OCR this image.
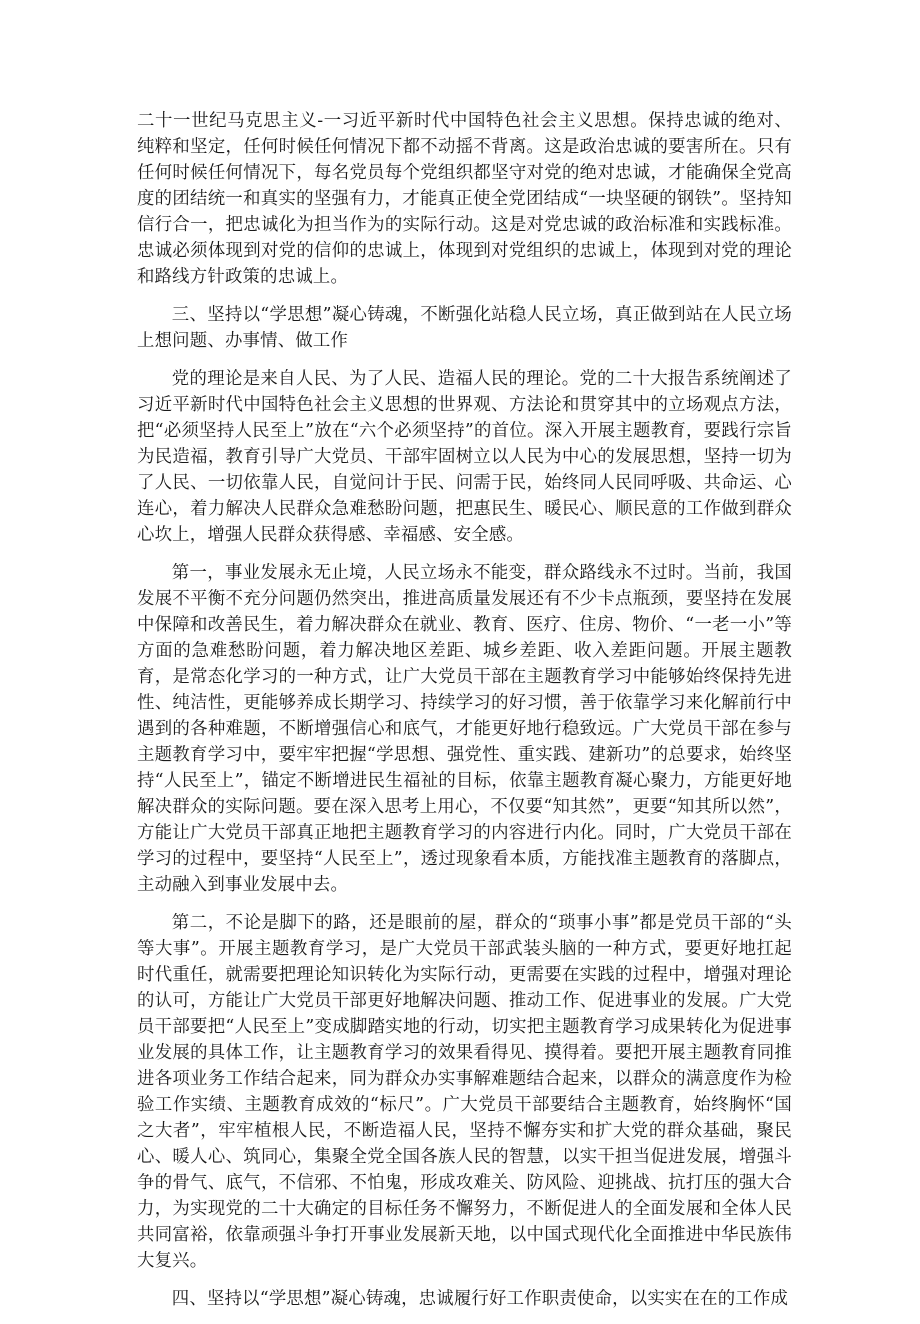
二十一世纪马克思主义-一习近平新时代中国特色社会主义思想。保持忠诚的绝对、纯粹和坚定，任何时候任何情况下都不动摇不背离。这是政治忠诚的要害所在。只有任何时候任何情况下，每名党员每个党组织都坚守对党的绝对忠诚，才能确保全党高度的团结统一和真实的坚强有力，才能真正使全党团结成“一块坚硬的钢铁”。坚持知信行合一，把忠诚化为担当作为的实际行动。这是对党忠诚的政治标准和实践标准。忠诚必须体现到对党的信仰的忠诚上，体现到对党组织的忠诚上，体现到对党的理论和路线方针政策的忠诚上。

三、坚持以“学思想”凝心铸魂，不断强化站稳人民立场，真正做到站在人民立场上想问题、办事情、做工作

党的理论是来自人民、为了人民、造福人民的理论。党的二十大报告系统阐述了习近平新时代中国特色社会主义思想的世界观、方法论和贯穿其中的立场观点方法，把“必须坚持人民至上”放在“六个必须坚持”的首位。深入开展主题教育，要践行宗旨为民造福，教育引导广大党员、干部牢固树立以人民为中心的发展思想，坚持一切为了人民、一切依靠人民，自觉问计于民、问需于民，始终同人民同呼吸、共命运、心连心，着力解决人民群众急难愁盼问题，把惠民生、暖民心、顺民意的工作做到群众心坎上，增强人民群众获得感、幸福感、安全感。

第一，事业发展永无止境，人民立场永不能变，群众路线永不过时。当前，我国发展不平衡不充分问题仍然突出，推进高质量发展还有不少卡点瓶颈，要坚持在发展中保障和改善民生，着力解决群众在就业、教育、医疗、住房、物价、“一老一小”等方面的急难愁盼问题，着力解决地区差距、城乡差距、收入差距问题。开展主题教育，是常态化学习的一种方式，让广大党员干部在主题教育学习中能够始终保持先进性、纯洁性，更能够养成长期学习、持续学习的好习惯，善于依靠学习来化解前行中遇到的各种难题，不断增强信心和底气，才能更好地行稳致远。广大党员干部在参与主题教育学习中，要牢牢把握“学思想、强党性、重实践、建新功”的总要求，始终坚持“人民至上”，锚定不断增进民生福祉的目标，依靠主题教育凝心聚力，方能更好地解决群众的实际问题。要在深入思考上用心，不仅要“知其然”，更要“知其所以然”，方能让广大党员干部真正地把主题教育学习的内容进行内化。同时，广大党员干部在学习的过程中，要坚持“人民至上”，透过现象看本质，方能找准主题教育的落脚点，主动融入到事业发展中去。

第二，不论是脚下的路，还是眼前的屋，群众的“琐事小事”都是党员干部的“头等大事”。开展主题教育学习，是广大党员干部武装头脑的一种方式，要更好地扛起时代重任，就需要把理论知识转化为实际行动，更需要在实践的过程中，增强对理论的认可，方能让广大党员干部更好地解决问题、推动工作、促进事业的发展。广大党员干部要把“人民至上”变成脚踏实地的行动，切实把主题教育学习成果转化为促进事业发展的具体工作，让主题教育学习的效果看得见、摸得着。要把开展主题教育同推进各项业务工作结合起来，同为群众办实事解难题结合起来，以群众的满意度作为检验工作实绩、主题教育成效的“标尺”。广大党员干部要结合主题教育，始终胸怀“国之大者”，牢牢植根人民，不断造福人民，坚持不懈夯实和扩大党的群众基础，聚民心、暖人心、筑同心，集聚全党全国各族人民的智慧，以实干担当促进发展，增强斗争的骨气、底气，不信邪、不怕鬼，形成攻难关、防风险、迎挑战、抗打压的强大合力，为实现党的二十大确定的目标任务不懈努力，不断促进人的全面发展和全体人民共同富裕，依靠顽强斗争打开事业发展新天地，以中国式现代化全面推进中华民族伟大复兴。

四、坚持以“学思想”凝心铸魂，忠诚履行好工作职责使命，以实实在在的工作成
